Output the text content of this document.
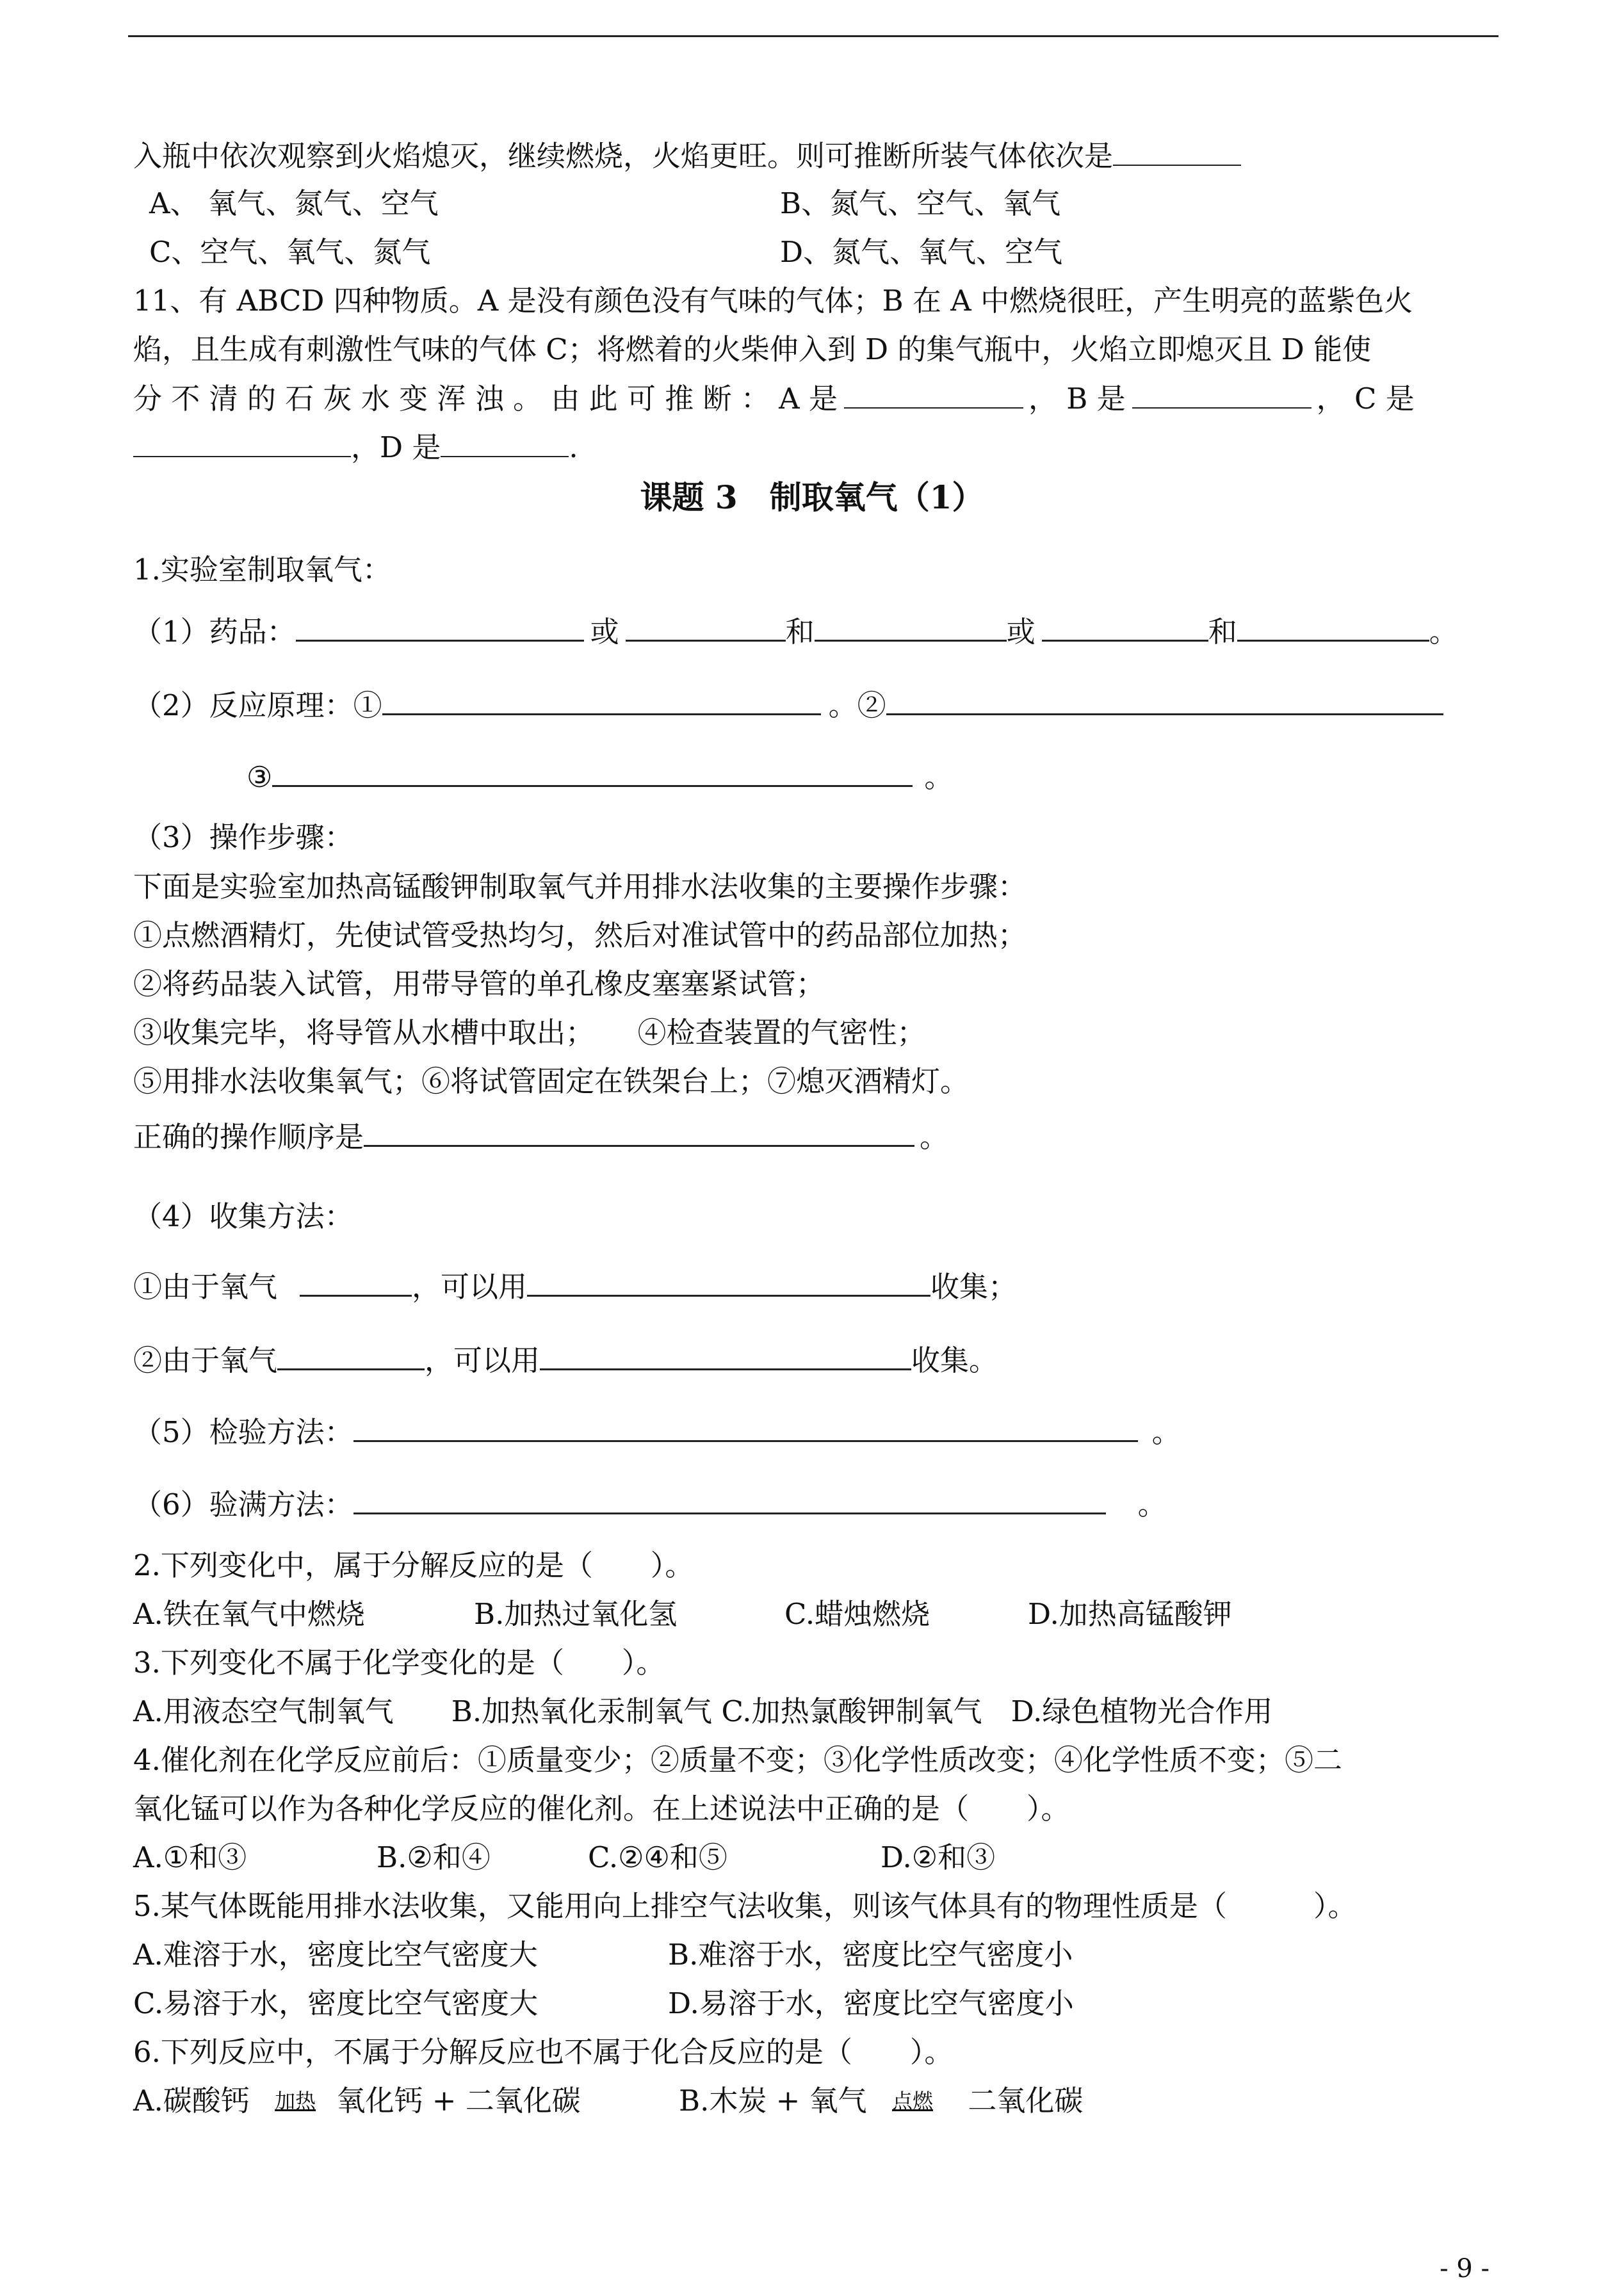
入瓶中依次观察到火焰熄灭，继续燃烧，火焰更旺。则可推断所装气体依次是
A、 氧气、氮气、空气	B、氮气、空气、氧气
C、空气、氧气、氮气	D、氮气、氧气、空气
11、有 ABCD 四种物质。A 是没有颜色没有气味的气体；B 在 A 中燃烧很旺，产生明亮的蓝紫色火
焰，且生成有刺激性气味的气体 C；将燃着的火柴伸入到 D 的集气瓶中，火焰立即熄灭且 D 能使
分 不 清 的 石 灰 水 变 浑 浊 。 由 此 可 推 断 ： A 是	， B 是	， C 是
，D 是	.
课题 3　制取氧气（1）
1.实验室制取氧气：
（1）药品：	或	和	或	和	。
（2）反应原理：①	。②
③	。
（3）操作步骤：
下面是实验室加热高锰酸钾制取氧气并用排水法收集的主要操作步骤：
①点燃酒精灯，先使试管受热均匀，然后对准试管中的药品部位加热；
②将药品装入试管，用带导管的单孔橡皮塞塞紧试管；
③收集完毕，将导管从水槽中取出；　　④检查装置的气密性；
⑤用排水法收集氧气；⑥将试管固定在铁架台上；⑦熄灭酒精灯。
正确的操作顺序是	。
（4）收集方法：
①由于氧气	，可以用	收集；
②由于氧气	，可以用	收集。
（5）检验方法：	。
（6）验满方法：	。
2.下列变化中，属于分解反应的是（　　）。
A.铁在氧气中燃烧	B.加热过氧化氢	C.蜡烛燃烧	D.加热高锰酸钾
3.下列变化不属于化学变化的是（　　）。
A.用液态空气制氧气　　B.加热氧化汞制氧气 C.加热氯酸钾制氧气　D.绿色植物光合作用
4.催化剂在化学反应前后：①质量变少；②质量不变；③化学性质改变；④化学性质不变；⑤二
氧化锰可以作为各种化学反应的催化剂。在上述说法中正确的是（　　）。
A.①和③	B.②和④	C.②④和⑤	D.②和③
5.某气体既能用排水法收集，又能用向上排空气法收集，则该气体具有的物理性质是（　　　）。
A.难溶于水，密度比空气密度大	B.难溶于水，密度比空气密度小
C.易溶于水，密度比空气密度大	D.易溶于水，密度比空气密度小
6.下列反应中，不属于分解反应也不属于化合反应的是（　　）。
A.碳酸钙 加热 氧化钙 + 二氧化碳	B.木炭 + 氧气 点燃 二氧化碳
- 9 -
